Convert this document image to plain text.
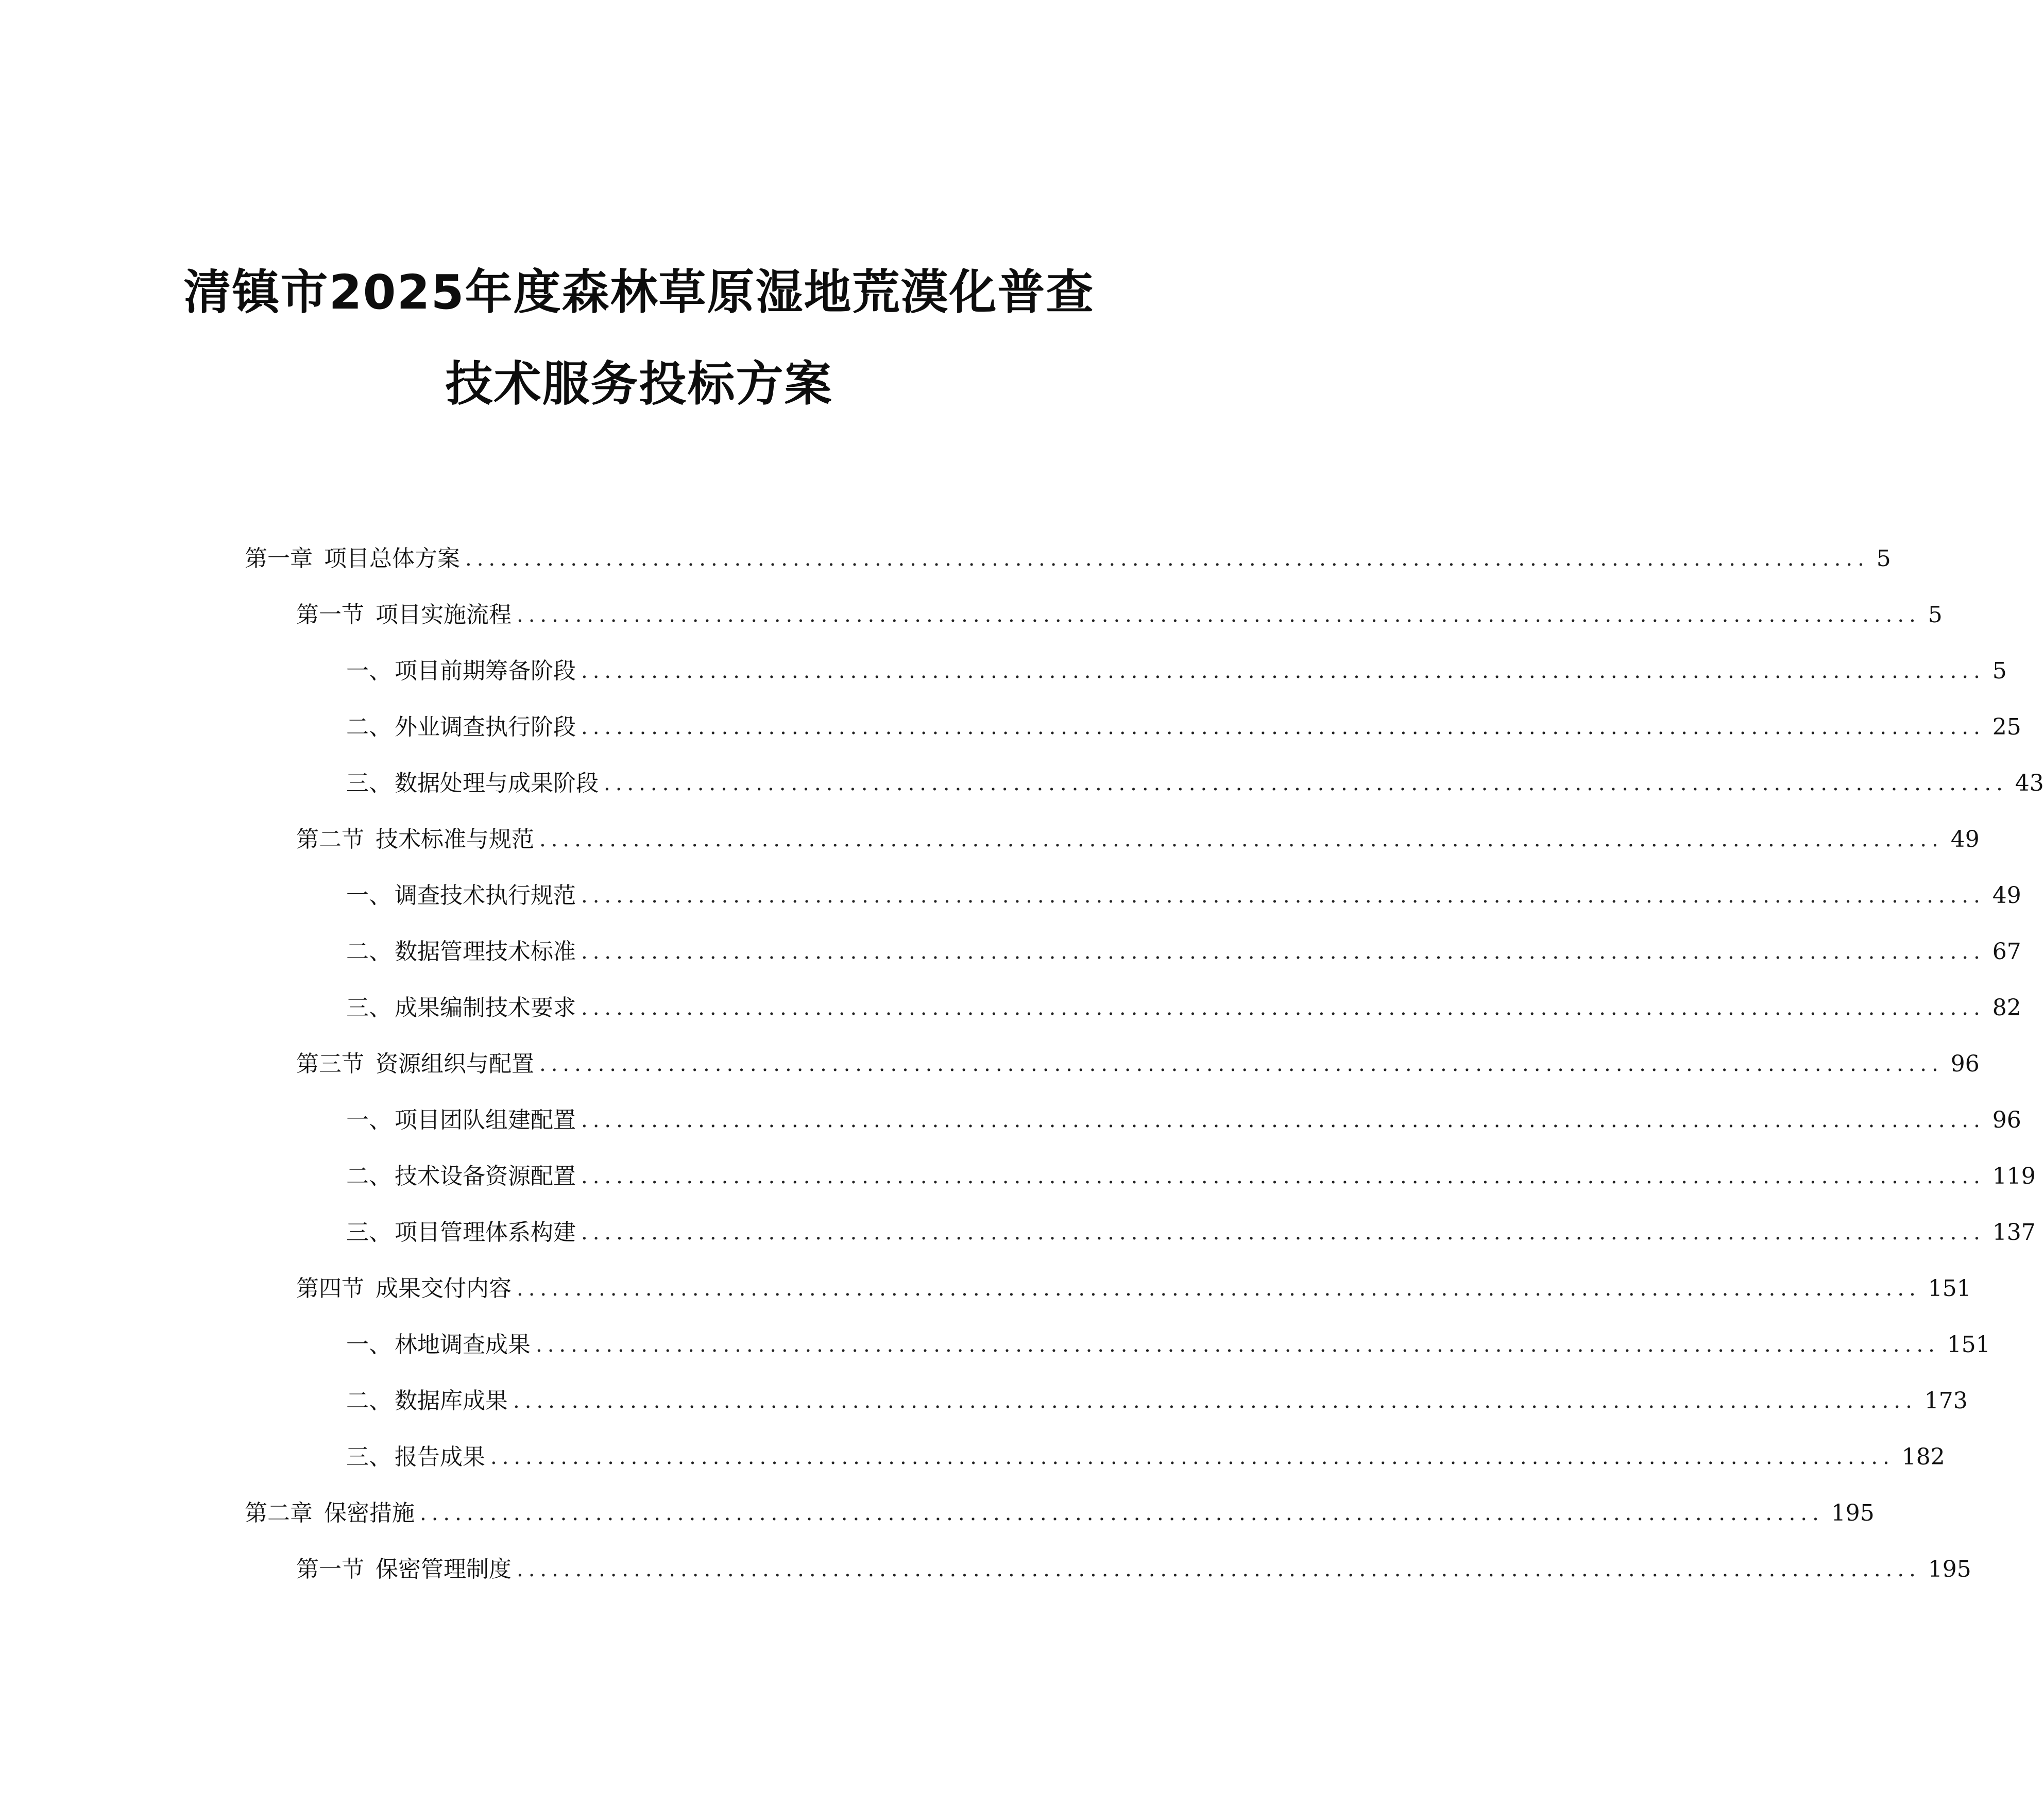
清镇市2025年度森林草原湿地荒漠化普查
技术服务投标方案
第一章 项目总体方案 ........................................................................................................................ 5
第一节 项目实施流程 ........................................................................................................................ 5
一、 项目前期筹备阶段 ........................................................................................................................ 5
二、 外业调查执行阶段 ........................................................................................................................ 25
三、 数据处理与成果阶段 ........................................................................................................................ 43
第二节 技术标准与规范 ........................................................................................................................ 49
一、 调查技术执行规范 ........................................................................................................................ 49
二、 数据管理技术标准 ........................................................................................................................ 67
三、 成果编制技术要求 ........................................................................................................................ 82
第三节 资源组织与配置 ........................................................................................................................ 96
一、 项目团队组建配置 ........................................................................................................................ 96
二、 技术设备资源配置 ........................................................................................................................ 119
三、 项目管理体系构建 ........................................................................................................................ 137
第四节 成果交付内容 ........................................................................................................................ 151
一、 林地调查成果 ........................................................................................................................ 151
二、 数据库成果 ........................................................................................................................ 173
三、 报告成果 ........................................................................................................................ 182
第二章 保密措施 ........................................................................................................................ 195
第一节 保密管理制度 ........................................................................................................................ 195
